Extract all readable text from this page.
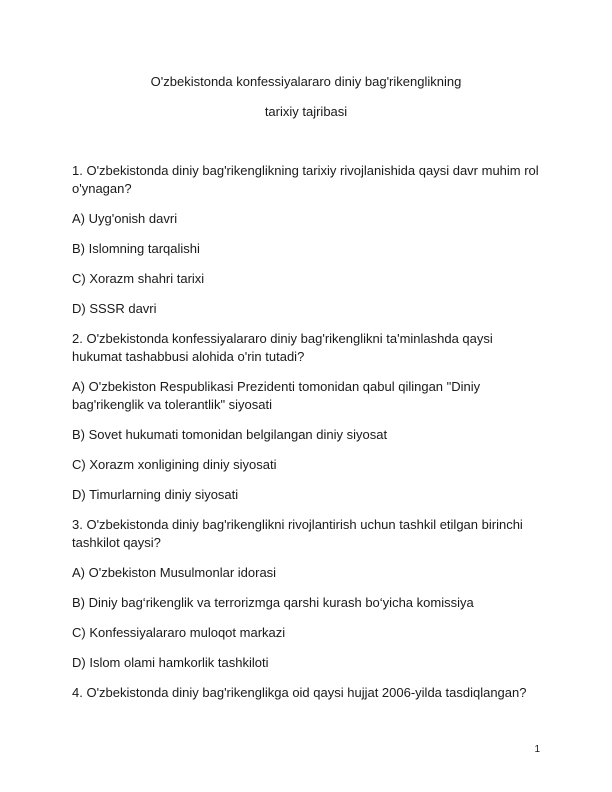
O'zbekistonda konfessiyalararo diniy bag'rikenglikning
tarixiy tajribasi

1. O'zbekistonda diniy bag'rikenglikning tarixiy rivojlanishida qaysi davr muhim rol o'ynagan?

A) Uyg'onish davri

B) Islomning tarqalishi

C) Xorazm shahri tarixi

D) SSSR davri

2. O'zbekistonda konfessiyalararo diniy bag'rikenglikni ta'minlashda qaysi hukumat tashabbusi alohida o'rin tutadi?

A) O'zbekiston Respublikasi Prezidenti tomonidan qabul qilingan "Diniy bag'rikenglik va tolerantlik" siyosati

B) Sovet hukumati tomonidan belgilangan diniy siyosat

C) Xorazm xonligining diniy siyosati

D) Timurlarning diniy siyosati

3. O'zbekistonda diniy bag'rikenglikni rivojlantirish uchun tashkil etilgan birinchi tashkilot qaysi?

A) O'zbekiston Musulmonlar idorasi

B) Diniy bag‘rikenglik va terrorizmga qarshi kurash bo‘yicha komissiya

C) Konfessiyalararo muloqot markazi

D) Islom olami hamkorlik tashkiloti

4. O'zbekistonda diniy bag'rikenglikga oid qaysi hujjat 2006-yilda tasdiqlangan?

1
